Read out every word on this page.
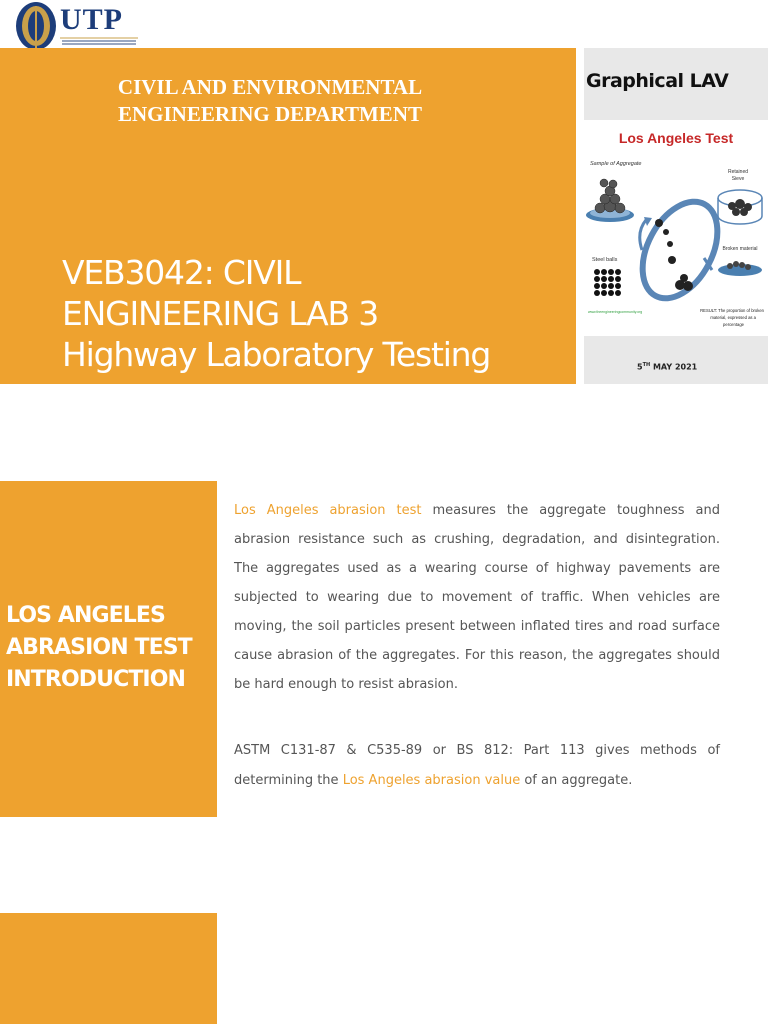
UTP
CIVIL AND ENVIRONMENTAL
ENGINEERING DEPARTMENT
VEB3042: CIVIL
ENGINEERING LAB 3
Highway Laboratory Testing
Graphical LAV
Los Angeles Test
Sample of Aggregate
Retained
Sieve
Broken material
Steel balls
www.theengineeringcommunity.org	RESULT: The proportion of broken
material, expressed as a
percentage
5TH MAY 2021
LOS ANGELES
ABRASION TEST
INTRODUCTION
Los Angeles abrasion test measures the aggregate toughness and abrasion resistance such as crushing, degradation, and disintegration. The aggregates used as a wearing course of highway pavements are subjected to wearing due to movement of traffic. When vehicles are moving, the soil particles present between inflated tires and road surface cause abrasion of the aggregates. For this reason, the aggregates should be hard enough to resist abrasion.
ASTM C131-87 & C535-89 or BS 812: Part 113 gives methods of determining the Los Angeles abrasion value of an aggregate.
